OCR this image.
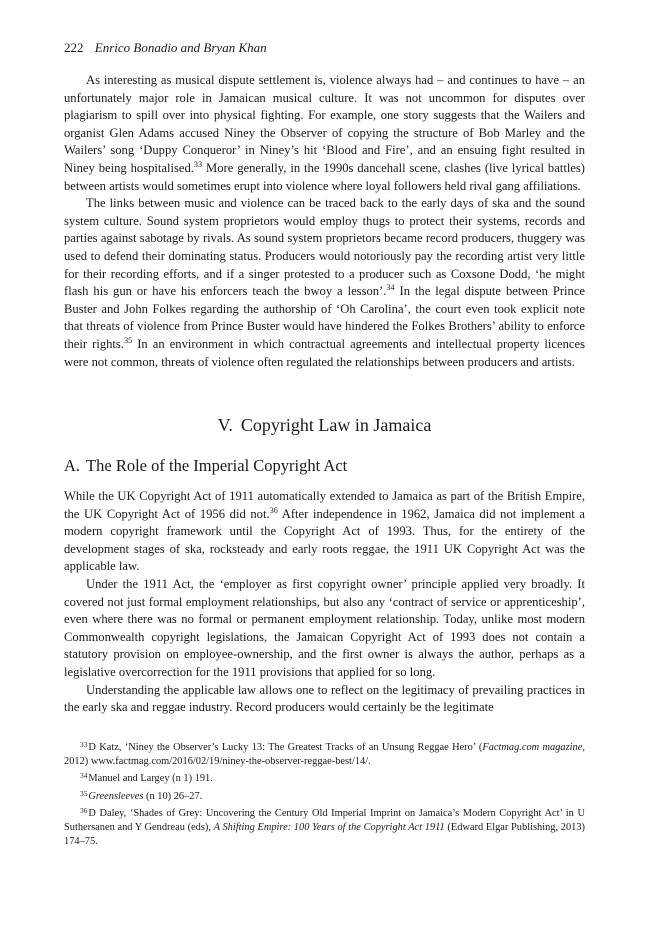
222 Enrico Bonadio and Bryan Khan

As interesting as musical dispute settlement is, violence always had – and continues to have – an unfortunately major role in Jamaican musical culture. It was not uncommon for disputes over plagiarism to spill over into physical fighting. For example, one story suggests that the Wailers and organist Glen Adams accused Niney the Observer of copying the structure of Bob Marley and the Wailers’ song ‘Duppy Conqueror’ in Niney’s hit ‘Blood and Fire’, and an ensuing fight resulted in Niney being hospitalised.$^{33}$ More generally, in the 1990s dancehall scene, clashes (live lyrical battles) between artists would sometimes erupt into violence where loyal followers held rival gang affiliations.

The links between music and violence can be traced back to the early days of ska and the sound system culture. Sound system proprietors would employ thugs to protect their systems, records and parties against sabotage by rivals. As sound system proprietors became record producers, thuggery was used to defend their dominating status. Producers would notoriously pay the recording artist very little for their recording efforts, and if a singer protested to a producer such as Coxsone Dodd, ‘he might flash his gun or have his enforcers teach the bwoy a lesson’.$^{34}$ In the legal dispute between Prince Buster and John Folkes regarding the authorship of ‘Oh Carolina’, the court even took explicit note that threats of violence from Prince Buster would have hindered the Folkes Brothers’ ability to enforce their rights.$^{35}$ In an environment in which contractual agreements and intellectual property licences were not common, threats of violence often regulated the relationships between producers and artists.

V. Copyright Law in Jamaica
A. The Role of the Imperial Copyright Act

While the UK Copyright Act of 1911 automatically extended to Jamaica as part of the British Empire, the UK Copyright Act of 1956 did not.$^{36}$ After independence in 1962, Jamaica did not implement a modern copyright framework until the Copyright Act of 1993. Thus, for the entirety of the development stages of ska, rocksteady and early roots reggae, the 1911 UK Copyright Act was the applicable law.

Under the 1911 Act, the ‘employer as first copyright owner’ principle applied very broadly. It covered not just formal employment relationships, but also any ‘contract of service or apprenticeship’, even where there was no formal or permanent employment relationship. Today, unlike most modern Commonwealth copyright legislations, the Jamaican Copyright Act of 1993 does not contain a statutory provision on employee-ownership, and the first owner is always the author, perhaps as a legislative overcorrection for the 1911 provisions that applied for so long.

Understanding the applicable law allows one to reflect on the legitimacy of prevailing practices in the early ska and reggae industry. Record producers would certainly be the legitimate

$^{33}$D Katz, ‘Niney the Observer’s Lucky 13: The Greatest Tracks of an Unsung Reggae Hero’ (Factmag.com magazine, 2012) www.factmag.com/2016/02/19/niney-the-observer-reggae-best/14/.

$^{34}$Manuel and Largey (n 1) 191.

$^{35}$Greensleeves (n 10) 26–27.

$^{36}$D Daley, ‘Shades of Grey: Uncovering the Century Old Imperial Imprint on Jamaica’s Modern Copyright Act’ in U Suthersanen and Y Gendreau (eds), A Shifting Empire: 100 Years of the Copyright Act 1911 (Edward Elgar Publishing, 2013) 174–75.
